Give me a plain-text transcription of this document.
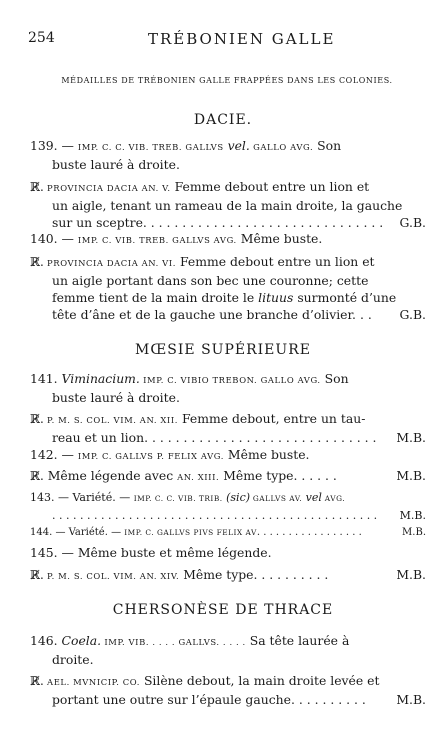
254	TRÉBONIEN GALLE
MÉDAILLES DE TRÉBONIEN GALLE FRAPPÉES DANS LES COLONIES.
DACIE.
139. — IMP. C. C. VIB. TREB. GALLVS vel. GALLO AVG. Son
buste lauré à droite.
ℝ̸. PROVINCIA DACIA AN. V. Femme debout entre un lion et
un aigle, tenant un rameau de la main droite, la gauche
sur un sceptre. . . . . . . . . . . . . . . . . . . . . . . . . . . . . . . G.B.
140. — IMP. C. VIB. TREB. GALLVS AVG. Même buste.
ℝ̸. PROVINCIA DACIA AN. VI. Femme debout entre un lion et
un aigle portant dans son bec une couronne; cette
femme tient de la main droite le lituus surmonté d’une
tête d’âne et de la gauche une branche d’olivier. . . G.B.
MŒSIE SUPÉRIEURE
141. Viminacium. IMP. C. VIBIO TREBON. GALLO AVG. Son
buste lauré à droite.
ℝ̸. P. M. S. COL. VIM. AN. XII. Femme debout, entre un tau-
reau et un lion. . . . . . . . . . . . . . . . . . . . . . . . . . . . . . M.B.
142. — IMP. C. GALLVS P. FELIX AVG. Même buste.
ℝ̸. Même légende avec AN. XIII. Même type. . . . . .	M.B.
143. — Variété. — IMP. C. C. VIB. TRIB. (sic) GALLVS AV. vel AVG.
. . . . . . . . . . . . . . . . . . . . . . . . . . . . . . . . . . . . . . . . . . . . . . . M.B.
144. — Variété. — IMP. C. GALLVS PIVS FELIX AV. . . . . . . . . . . . . . . . .	M.B.
145. — Même buste et même légende.
ℝ̸. P. M. S. COL. VIM. AN. XIV. Même type. . . . . . . . . .	M.B.
CHERSONÈSE DE THRACE
146. Coela. IMP. VIB. . . . . GALLVS. . . . . Sa tête laurée à
droite.
ℝ̸. AEL. MVNICIP. CO. Silène debout, la main droite levée et
portant une outre sur l’épaule gauche. . . . . . . . . . M.B.
